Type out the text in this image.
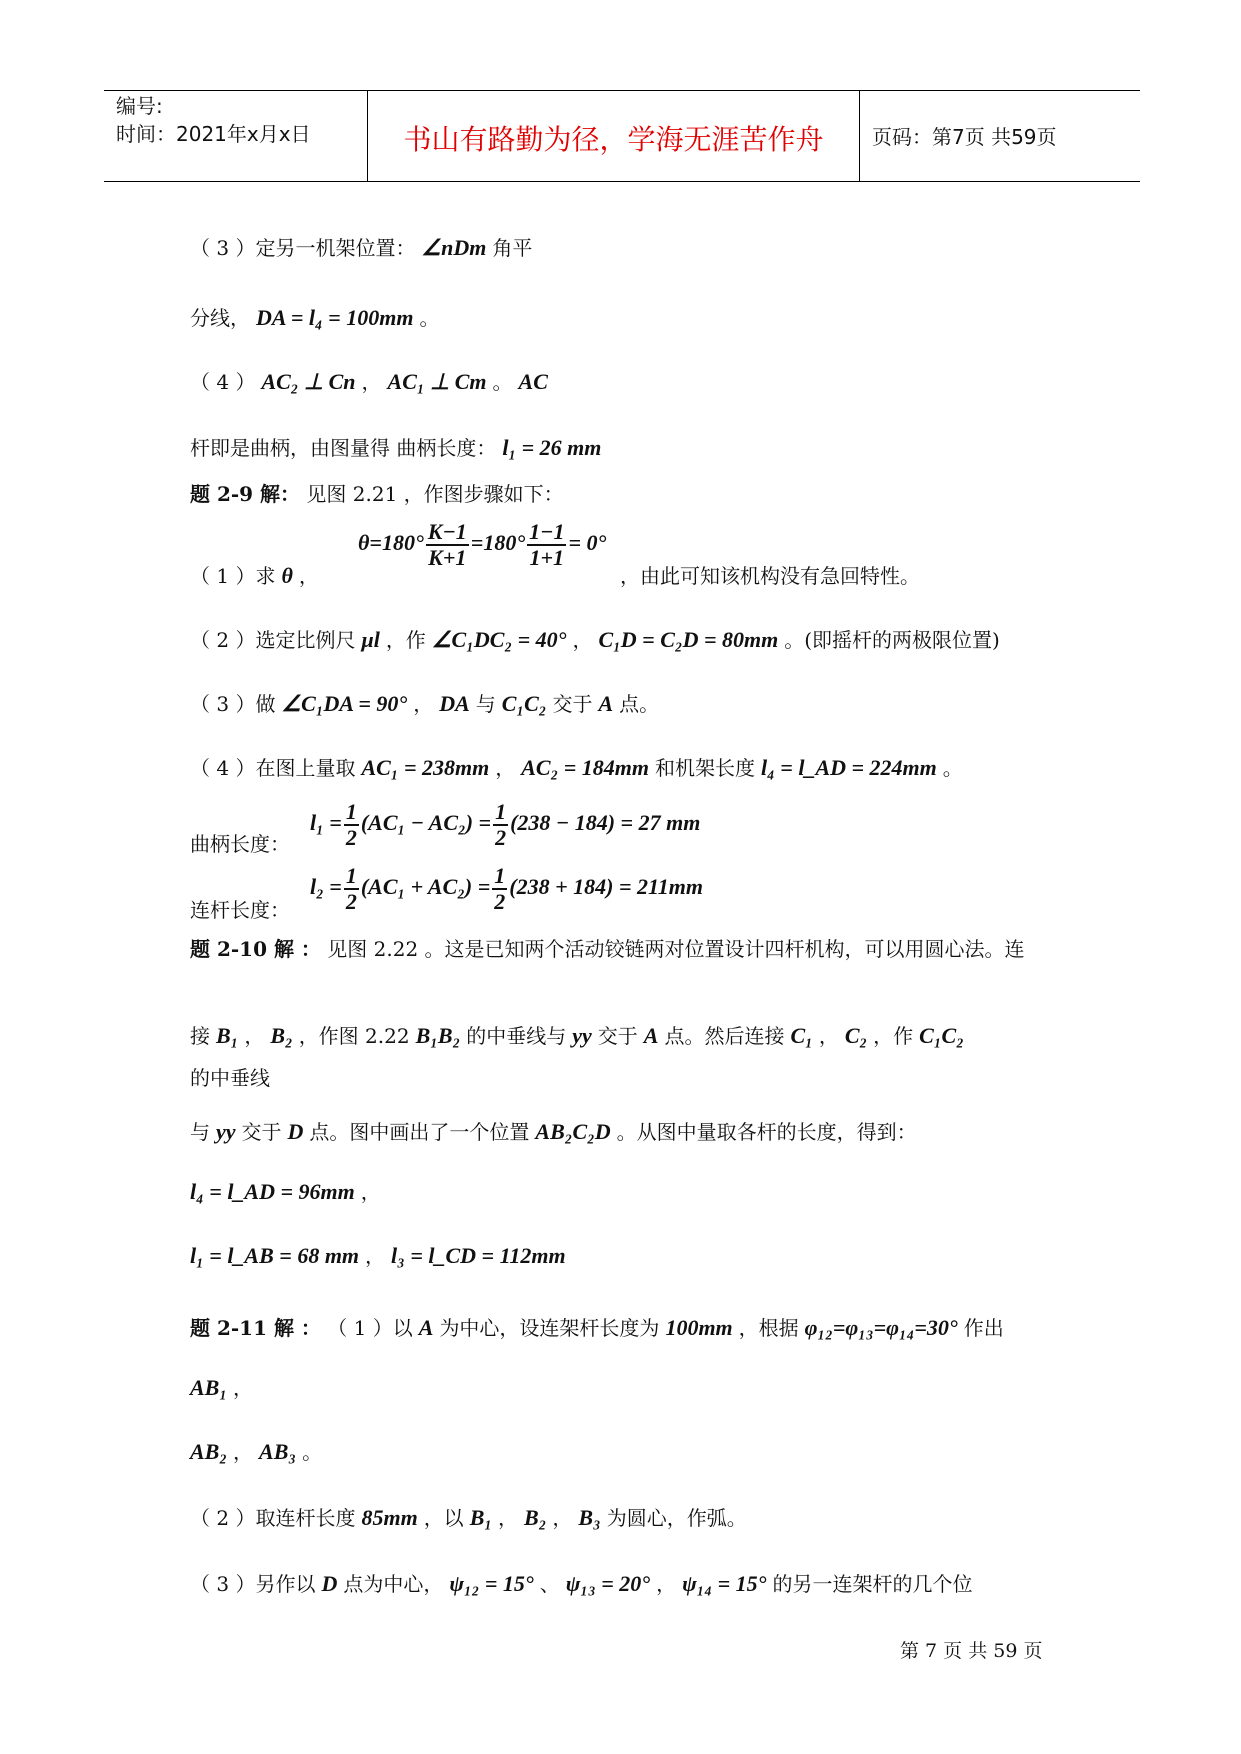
编号:
时间：2021年x月x日	书山有路勤为径，学海无涯苦作舟	页码：第7页 共59页
（ 3 ）定另一机架位置： ∠nDm 角平
分线， DA = l₄ = 100mm 。
（ 4 ） AC₂ ⊥ Cn ， AC₁ ⊥ Cm 。 AC
杆即是曲柄，由图量得 曲柄长度： l₁ = 26 mm
题 2-9 解： 见图 2.21 ，作图步骤如下：
$\theta=180^\circ \frac{K-1}{K+1} =180^\circ \frac{1-1}{1+1} = 0^\circ$
（ 1 ）求 θ ，	，由此可知该机构没有急回特性。
（ 2 ）选定比例尺 μl ，作 ∠C₁DC₂ = 40° ， C₁D = C₂D = 80mm 。(即摇杆的两极限位置)
（ 3 ）做 ∠C₁DA = 90° ， DA 与 C₁C₂ 交于 A 点。
（ 4 ）在图上量取 AC₁ = 238mm ， AC₂ = 184mm 和机架长度 l₄ = l_AD = 224mm 。
曲柄长度：
$l_1 = \frac{1}{2} (AC_1 - AC_2) = \frac{1}{2} (238 - 184) = 27$ mm
连杆长度：
$l_2 = \frac{1}{2} (AC_1 + AC_2) = \frac{1}{2} (238 + 184) = 211mm$
题 2-10 解 ： 见图 2.22 。这是已知两个活动铰链两对位置设计四杆机构，可以用圆心法。连
接 B₁ ， B₂ ，作图 2.22 B₁B₂ 的中垂线与 yy 交于 A 点。然后连接 C₁ ， C₂ ，作 C₁C₂
的中垂线
与 yy 交于 D 点。图中画出了一个位置 AB₂C₂D 。从图中量取各杆的长度，得到：
l₄ = l_AD = 96mm ，
l₁ = l_AB = 68 mm ， l₃ = l_CD = 112mm
题 2-11 解 ： （ 1 ）以 A 为中心，设连架杆长度为 100mm ，根据 φ₁₂=φ₁₃=φ₁₄=30° 作出
AB₁ ，
AB₂ ， AB₃ 。
（ 2 ）取连杆长度 85mm ，以 B₁ ， B₂ ， B₃ 为圆心，作弧。
（ 3 ）另作以 D 点为中心， ψ₁₂ = 15° 、 ψ₁₃ = 20° ， ψ₁₄ = 15° 的另一连架杆的几个位
第 7 页 共 59 页
